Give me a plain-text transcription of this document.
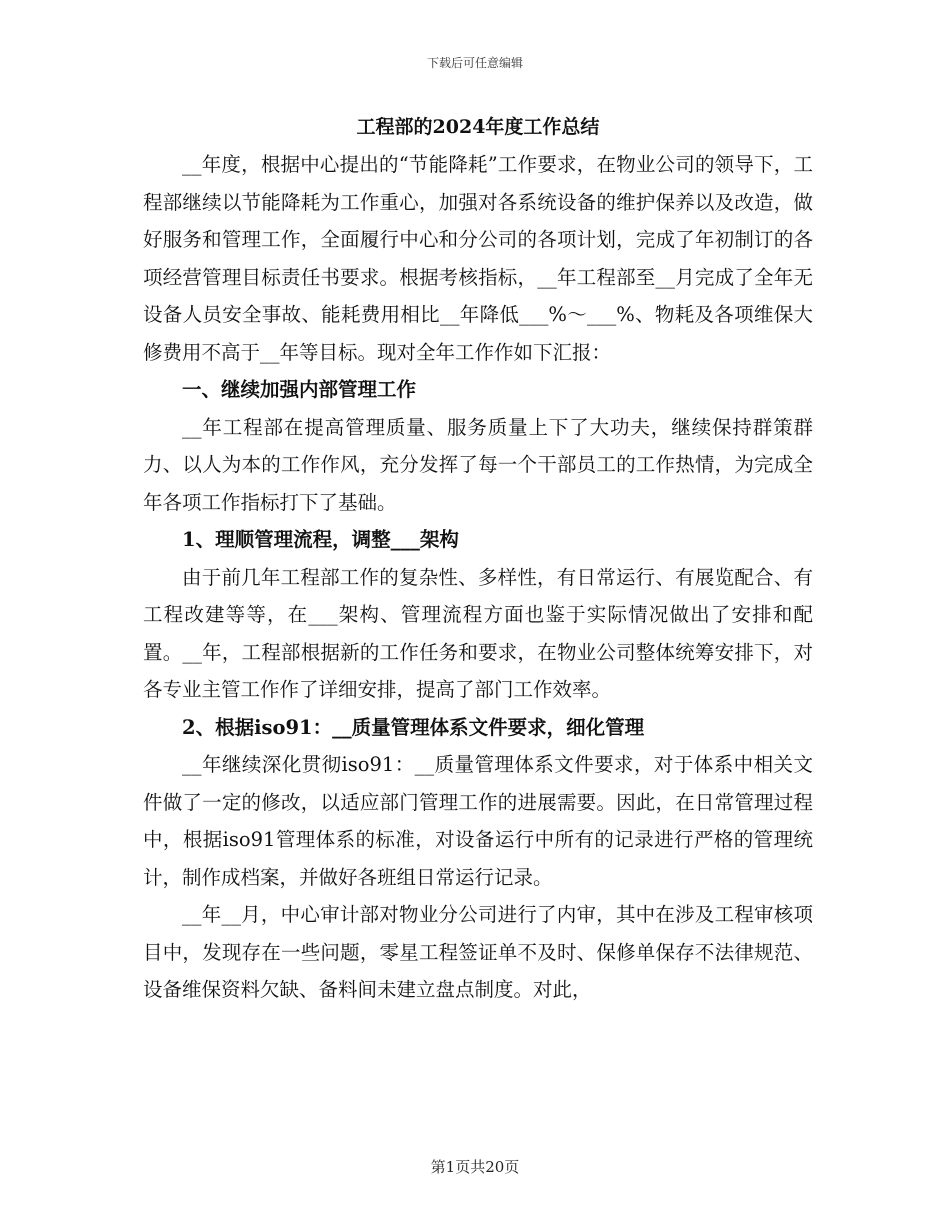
下载后可任意编辑
工程部的2024年度工作总结

__年度，根据中心提出的“节能降耗”工作要求，在物业公司的领导下，工程部继续以节能降耗为工作重心，加强对各系统设备的维护保养以及改造，做好服务和管理工作，全面履行中心和分公司的各项计划，完成了年初制订的各项经营管理目标责任书要求。根据考核指标，__年工程部至__月完成了全年无设备人员安全事故、能耗费用相比__年降低___%～___%、物耗及各项维保大修费用不高于__年等目标。现对全年工作作如下汇报：

一、继续加强内部管理工作

__年工程部在提高管理质量、服务质量上下了大功夫，继续保持群策群力、以人为本的工作作风，充分发挥了每一个干部员工的工作热情，为完成全年各项工作指标打下了基础。

1、理顺管理流程，调整___架构

由于前几年工程部工作的复杂性、多样性，有日常运行、有展览配合、有工程改建等等，在___架构、管理流程方面也鉴于实际情况做出了安排和配置。__年，工程部根据新的工作任务和要求，在物业公司整体统筹安排下，对各专业主管工作作了详细安排，提高了部门工作效率。

2、根据iso91：__质量管理体系文件要求，细化管理

__年继续深化贯彻iso91：__质量管理体系文件要求，对于体系中相关文件做了一定的修改，以适应部门管理工作的进展需要。因此，在日常管理过程中，根据iso91管理体系的标准，对设备运行中所有的记录进行严格的管理统计，制作成档案，并做好各班组日常运行记录。

__年__月，中心审计部对物业分公司进行了内审，其中在涉及工程审核项目中，发现存在一些问题，零星工程签证单不及时、保修单保存不法律规范、设备维保资料欠缺、备料间未建立盘点制度。对此，

第1页共20页
